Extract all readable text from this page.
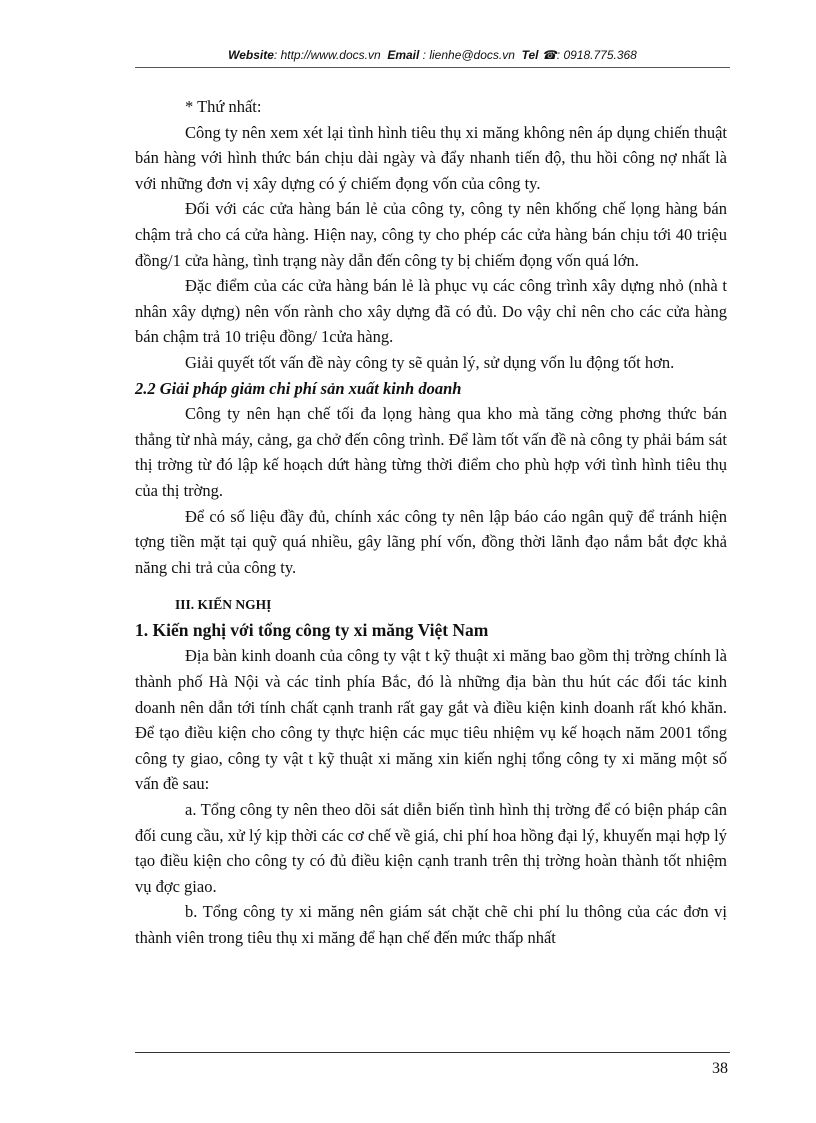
Website: http://www.docs.vn Email : lienhe@docs.vn Tel ☎: 0918.775.368

* Thứ nhất:

Công ty nên xem xét lại tình hình tiêu thụ xi măng không nên áp dụng chiến thuật bán hàng với hình thức bán chịu dài ngày và đẩy nhanh tiến độ, thu hồi công nợ nhất là với những đơn vị xây dựng có ý chiếm đọng vốn của công ty.

Đối với các cửa hàng bán lẻ của công ty, công ty nên khống chế lọng hàng bán chậm trả cho cá cửa hàng. Hiện nay, công ty cho phép các cửa hàng bán chịu tới 40 triệu đồng/1 cửa hàng, tình trạng này dẫn đến công ty bị chiếm đọng vốn quá lớn.

Đặc điểm của các cửa hàng bán lẻ là phục vụ các công trình xây dựng nhỏ (nhà t nhân xây dựng) nên vốn rành cho xây dựng đã có đủ. Do vậy chỉ nên cho các cửa hàng bán chậm trả 10 triệu đồng/ 1cửa hàng.

Giải quyết tốt vấn đề này công ty sẽ quản lý, sử dụng vốn lu động tốt hơn.

2.2 Giải pháp giảm chi phí sản xuất kinh doanh

Công ty nên hạn chế tối đa lọng hàng qua kho mà tăng cờng phơng thức bán thẳng từ nhà máy, cảng, ga chở đến công trình. Để làm tốt vấn đề nà công ty phải bám sát thị trờng từ đó lập kế hoạch dứt hàng từng thời điểm cho phù hợp với tình hình tiêu thụ của thị trờng.

Để có số liệu đầy đủ, chính xác công ty nên lập báo cáo ngân quỹ để tránh hiện tợng tiền mặt tại quỹ quá nhiều, gây lãng phí vốn, đồng thời lãnh đạo nắm bắt đợc khả năng chi trả của công ty.

III. KIẾN NGHỊ

1. Kiến nghị với tổng công ty xi măng Việt Nam

Địa bàn kinh doanh của công ty vật t kỹ thuật xi măng bao gồm thị trờng chính là thành phố Hà Nội và các tỉnh phía Bắc, đó là những địa bàn thu hút các đối tác kinh doanh nên dẫn tới tính chất cạnh tranh rất gay gắt và điều kiện kinh doanh rất khó khăn. Để tạo điều kiện cho công ty thực hiện các mục tiêu nhiệm vụ kế hoạch năm 2001 tổng công ty giao, công ty vật t kỹ thuật xi măng xin kiến nghị tổng công ty xi măng một số vấn đề sau:

a. Tổng công ty nên theo dõi sát diễn biến tình hình thị trờng để có biện pháp cân đối cung cầu, xử lý kịp thời các cơ chế về giá, chi phí hoa hồng đại lý, khuyến mại hợp lý tạo điều kiện cho công ty có đủ điều kiện cạnh tranh trên thị trờng hoàn thành tốt nhiệm vụ đợc giao.

b. Tổng công ty xi măng nên giám sát chặt chẽ chi phí lu thông của các đơn vị thành viên trong tiêu thụ xi măng để hạn chế đến mức thấp nhất

38
